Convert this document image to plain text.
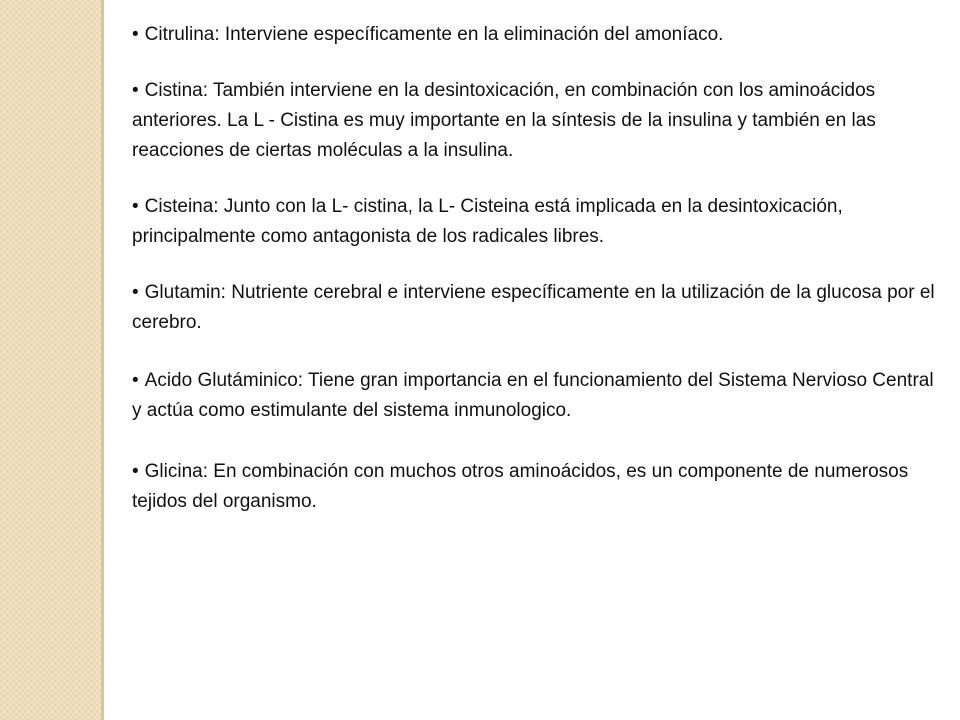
• Citrulina: Interviene específicamente en la eliminación del amoníaco.

• Cistina: También interviene en la desintoxicación, en combinación con los aminoácidos anteriores. La L - Cistina es muy importante en la síntesis de la insulina y también en las reacciones de ciertas moléculas a la insulina.

• Cisteina: Junto con la L- cistina, la L- Cisteina está implicada en la desintoxicación, principalmente como antagonista de los radicales libres.

• Glutamin: Nutriente cerebral e interviene específicamente en la utilización de la glucosa por el cerebro.

• Acido Glutáminico: Tiene gran importancia en el funcionamiento del Sistema Nervioso Central y actúa como estimulante del sistema inmunologico.

• Glicina: En combinación con muchos otros aminoácidos, es un componente de numerosos tejidos del organismo.
